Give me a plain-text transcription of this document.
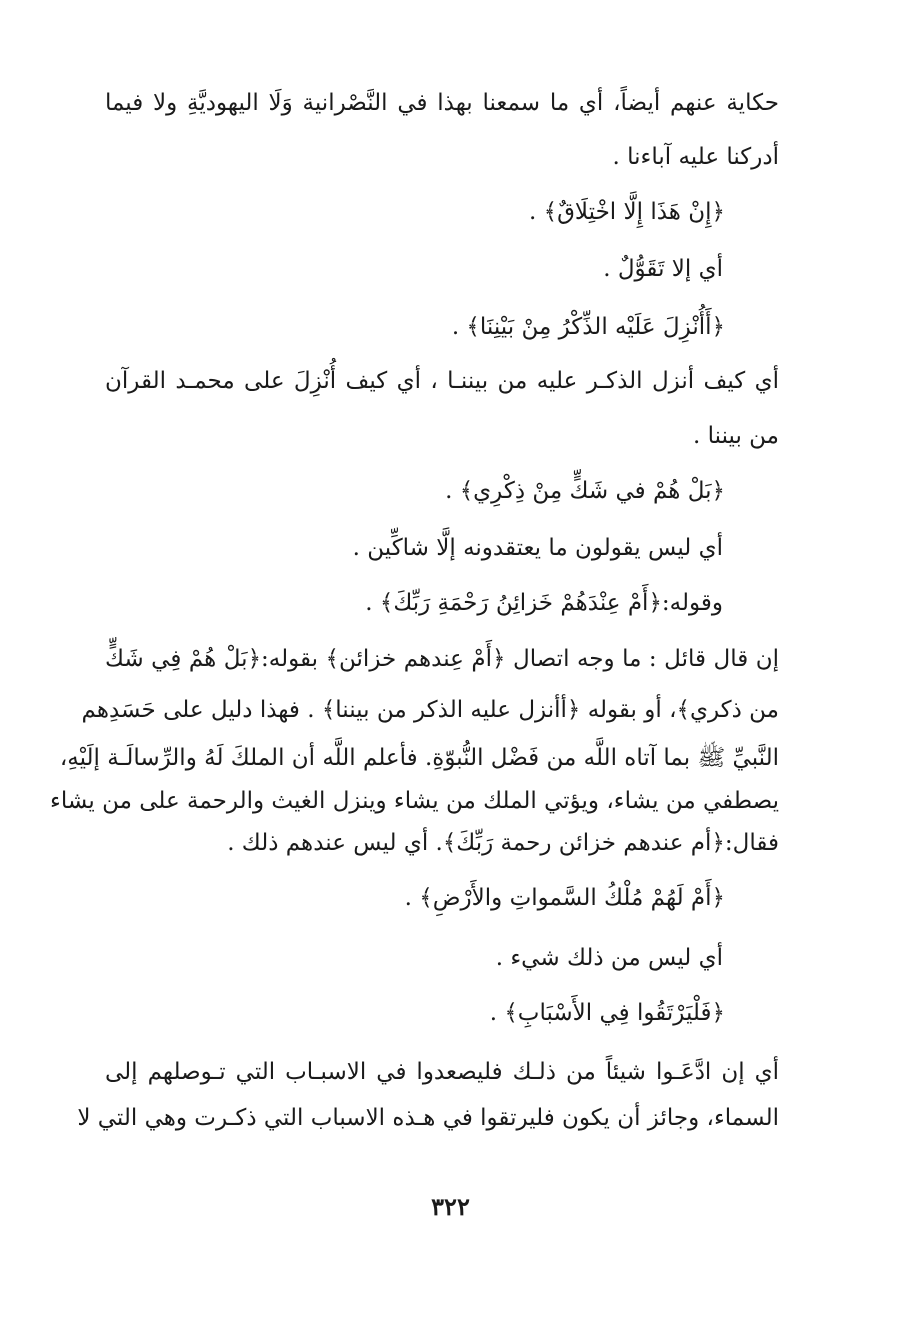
حكاية عنهم أيضاً، أي ما سمعنا بهذا في النَّصْرانية وَلَا اليهوديَّةِ ولا فيما
أدركنا عليه آباءنا .
﴿إِنْ هَذَا إِلَّا اخْتِلَاقٌ﴾ .
أي إلا تَقَوُّلٌ .
﴿أَأُنْزِلَ عَلَيْه الذِّكْرُ مِنْ بَيْنِنَا﴾ .
أي كيف أنزل الذكـر عليه من بيننـا ، أي كيف أُنْزِلَ على محمـد القرآن
من بيننا .
﴿بَلْ هُمْ في شَكٍّ مِنْ ذِكْرِي﴾ .
أي ليس يقولون ما يعتقدونه إلَّا شاكِّين .
وقوله:﴿أَمْ عِنْدَهُمْ خَزائِنُ رَحْمَةِ رَبِّكَ﴾ .
إن قال قائل : ما وجه اتصال ﴿أَمْ عِندهم خزائن﴾ بقوله:﴿بَلْ هُمْ فِي شَكٍّ
من ذكري﴾، أو بقوله ﴿أأنزل عليه الذكر من بيننا﴾ . فهذا دليل على حَسَدِهم
النَّبيِّ ﷺ بما آتاه اللَّه من فَضْل النُّبوّةِ. فأعلم اللَّه أن الملكَ لَهُ والرِّسالَـة إلَيْهِ،
يصطفي من يشاء، ويؤتي الملك من يشاء وينزل الغيث والرحمة على من يشاء
فقال:﴿أم عندهم خزائن رحمة رَبِّكَ﴾. أي ليس عندهم ذلك .
﴿أَمْ لَهُمْ مُلْكُ السَّمواتِ والأَرْضِ﴾ .
أي ليس من ذلك شيء .
﴿فَلْيَرْتَقُوا فِي الأَسْبَابِ﴾ .
أي إن ادَّعَـوا شيئاً من ذلـك فليصعدوا في الاسبـاب التي تـوصلهم إلى
السماء، وجائز أن يكون فليرتقوا في هـذه الاسباب التي ذكـرت وهي التي لا
٣٢٢
